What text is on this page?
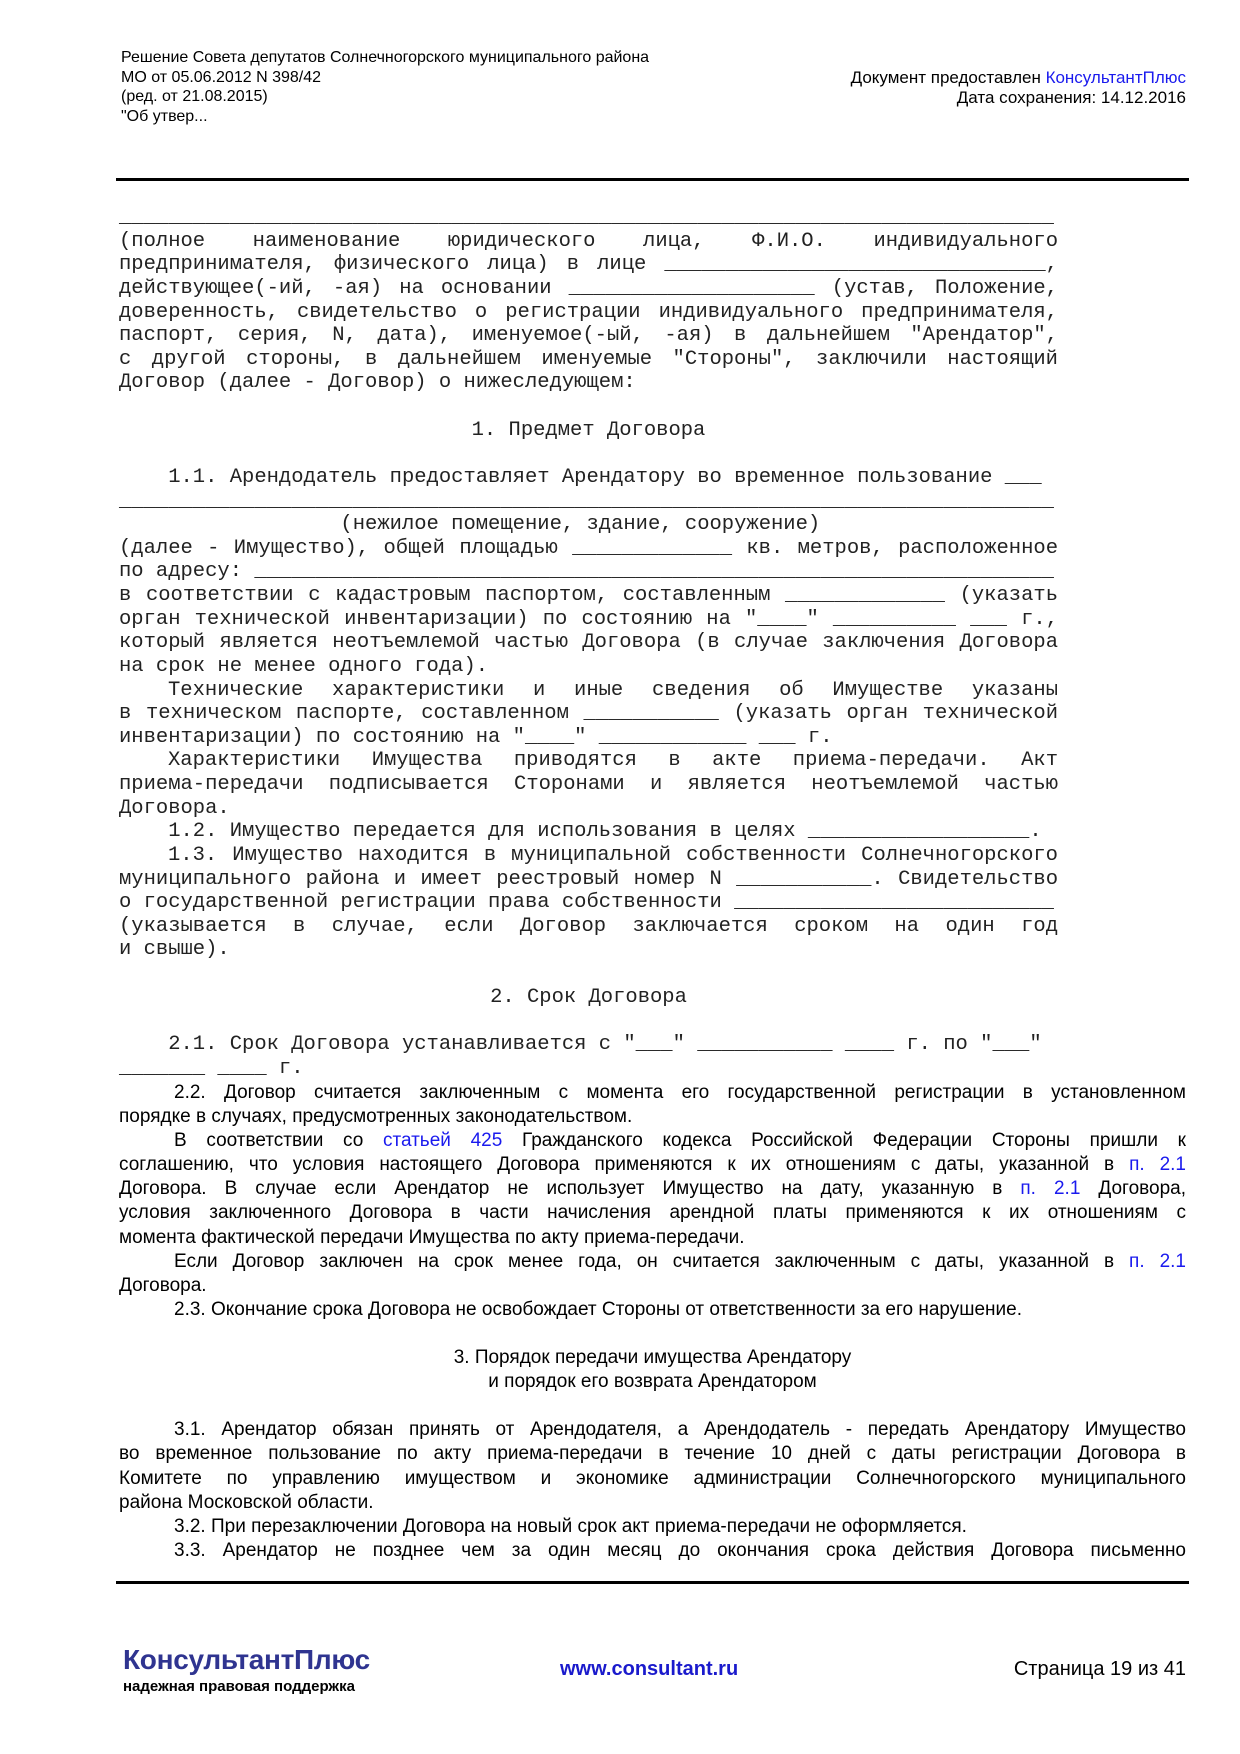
Решение Совета депутатов Солнечногорского муниципального района
МО от 05.06.2012 N 398/42
(ред. от 21.08.2015)
"Об утвер...
Документ предоставлен КонсультантПлюс
Дата сохранения: 14.12.2016
____________________________________________________________________________
(полное наименование юридического лица, Ф.И.О. индивидуального
предпринимателя, физического лица) в лице _______________________________,
действующее(-ий, -ая) на основании ____________________ (устав, Положение,
доверенность, свидетельство о регистрации индивидуального предпринимателя,
паспорт, серия, N, дата), именуемое(-ый, -ая) в дальнейшем "Арендатор",
с другой стороны, в дальнейшем именуемые "Стороны", заключили настоящий
Договор (далее - Договор) о нижеследующем:
1. Предмет Договора
1.1. Арендодатель предоставляет Арендатору во временное пользование ___
____________________________________________________________________________
(нежилое помещение, здание, сооружение)
(далее - Имущество), общей площадью _____________ кв. метров, расположенное
по адресу: _________________________________________________________________
в соответствии с кадастровым паспортом, составленным _____________ (указать
орган технической инвентаризации) по состоянию на "____" __________ ___ г.,
который является неотъемлемой частью Договора (в случае заключения Договора
на срок не менее одного года).
Технические характеристики и иные сведения об Имуществе указаны
в техническом паспорте, составленном ___________ (указать орган технической
инвентаризации) по состоянию на "____" ____________ ___ г.
Характеристики Имущества приводятся в акте приема-передачи. Акт
приема-передачи подписывается Сторонами и является неотъемлемой частью
Договора.
1.2. Имущество передается для использования в целях __________________.
1.3. Имущество находится в муниципальной собственности Солнечногорского
муниципального района и имеет реестровый номер N ___________. Свидетельство
о государственной регистрации права собственности __________________________
(указывается в случае, если Договор заключается сроком на один год
и свыше).
2. Срок Договора
2.1. Срок Договора устанавливается с "___" ___________ ____ г. по "___"
_______ ____ г.
2.2. Договор считается заключенным с момента его государственной регистрации в установленном
порядке в случаях, предусмотренных законодательством.
В соответствии со статьей 425 Гражданского кодекса Российской Федерации Стороны пришли к
соглашению, что условия настоящего Договора применяются к их отношениям с даты, указанной в п. 2.1
Договора. В случае если Арендатор не использует Имущество на дату, указанную в п. 2.1 Договора,
условия заключенного Договора в части начисления арендной платы применяются к их отношениям с
момента фактической передачи Имущества по акту приема-передачи.
Если Договор заключен на срок менее года, он считается заключенным с даты, указанной в п. 2.1
Договора.
2.3. Окончание срока Договора не освобождает Стороны от ответственности за его нарушение.
3. Порядок передачи имущества Арендатору
и порядок его возврата Арендатором
3.1. Арендатор обязан принять от Арендодателя, а Арендодатель - передать Арендатору Имущество
во временное пользование по акту приема-передачи в течение 10 дней с даты регистрации Договора в
Комитете по управлению имуществом и экономике администрации Солнечногорского муниципального
района Московской области.
3.2. При перезаключении Договора на новый срок акт приема-передачи не оформляется.
3.3. Арендатор не позднее чем за один месяц до окончания срока действия Договора письменно
КонсультантПлюс
надежная правовая поддержка
www.consultant.ru	Страница 19 из 41
